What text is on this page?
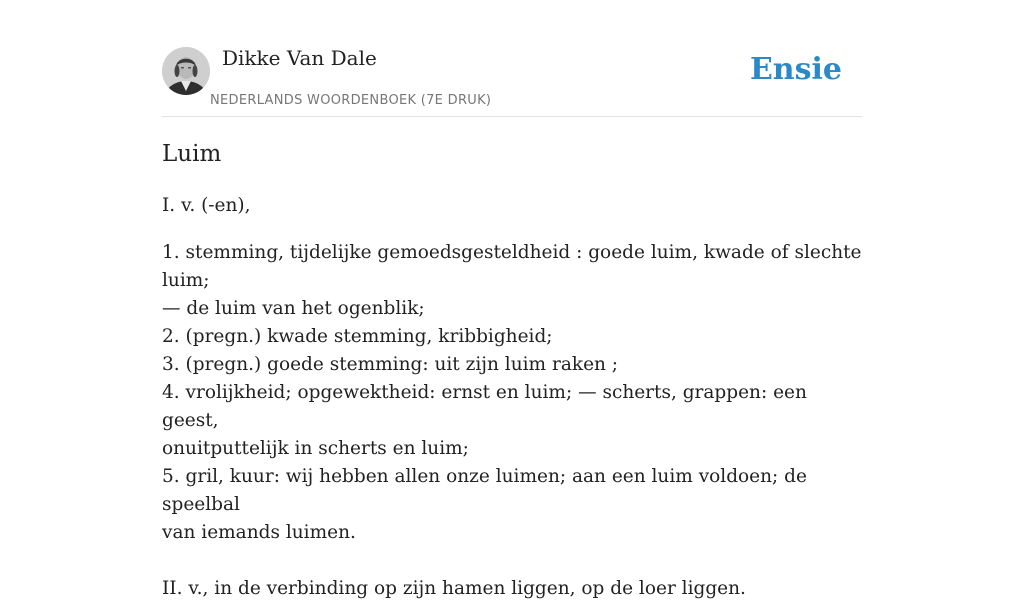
Dikke Van Dale
NEDERLANDS WOORDENBOEK (7E DRUK)
Ensie
Luim

I. v. (-en),

1. stemming, tijdelijke gemoedsgesteldheid : goede luim, kwade of slechte luim;

— de luim van het ogenblik;

2. (pregn.) kwade stemming, kribbigheid;

3. (pregn.) goede stemming: uit zijn luim raken ;

4. vrolijkheid; opgewektheid: ernst en luim; — scherts, grappen: een geest,

onuitputtelijk in scherts en luim;

5. gril, kuur: wij hebben allen onze luimen; aan een luim voldoen; de speelbal

van iemands luimen.

II. v., in de verbinding op zijn hamen liggen, op de loer liggen.
